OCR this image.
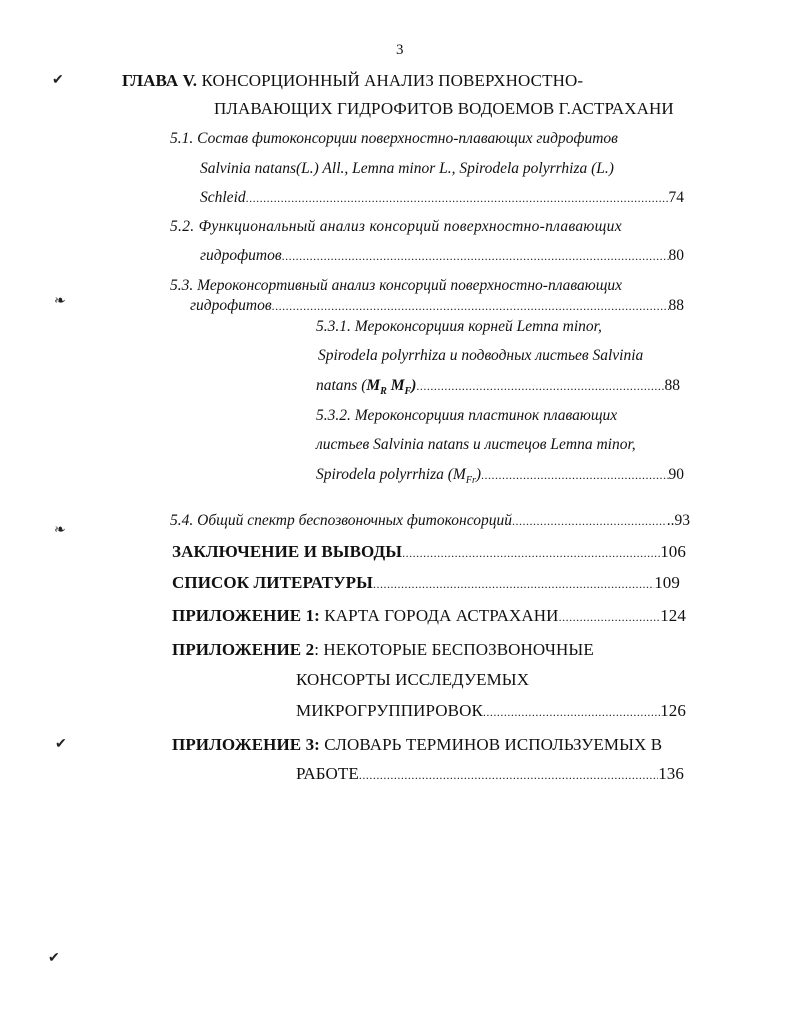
3
✔
❧
❧
✔
✔
ГЛАВА V. КОНСОРЦИОННЫЙ АНАЛИЗ ПОВЕРХНОСТНО-
ПЛАВАЮЩИХ ГИДРОФИТОВ ВОДОЕМОВ Г.АСТРАХАНИ
5.1. Состав фитоконсорции поверхностно-плавающих гидрофитов
Salvinia natans(L.) All., Lemna minor L., Spirodela polyrrhiza (L.)
Schleid .....	74
5.2. Функциональный анализ консорций поверхностно-плавающих
гидрофитов .....	80
5.3. Мероконсортивный анализ консорций поверхностно-плавающих
гидрофитов .....	88
5.3.1. Мероконсорциия корней Lemna minor,
Spirodela polyrrhiza и подводных листьев Salvinia
natans ($M_R$ $M_F$) .....	88
5.3.2. Мероконсорциия пластинок плавающих
листьев Salvinia natans и листецов Lemna minor,
Spirodela polyrrhiza $(M_{Fr})$ .....	90
5.4. Общий спектр беспозвоночных фитоконсорций .....	..93
ЗАКЛЮЧЕНИЕ И ВЫВОДЫ .....	106
СПИСОК ЛИТЕРАТУРЫ .....	109
ПРИЛОЖЕНИЕ 1: КАРТА ГОРОДА АСТРАХАНИ .....	124
ПРИЛОЖЕНИЕ 2: НЕКОТОРЫЕ БЕСПОЗВОНОЧНЫЕ
КОНСОРТЫ ИССЛЕДУЕМЫХ
МИКРОГРУППИРОВОК .....	126
ПРИЛОЖЕНИЕ 3: СЛОВАРЬ ТЕРМИНОВ ИСПОЛЬЗУЕМЫХ В
РАБОТЕ .....	136
